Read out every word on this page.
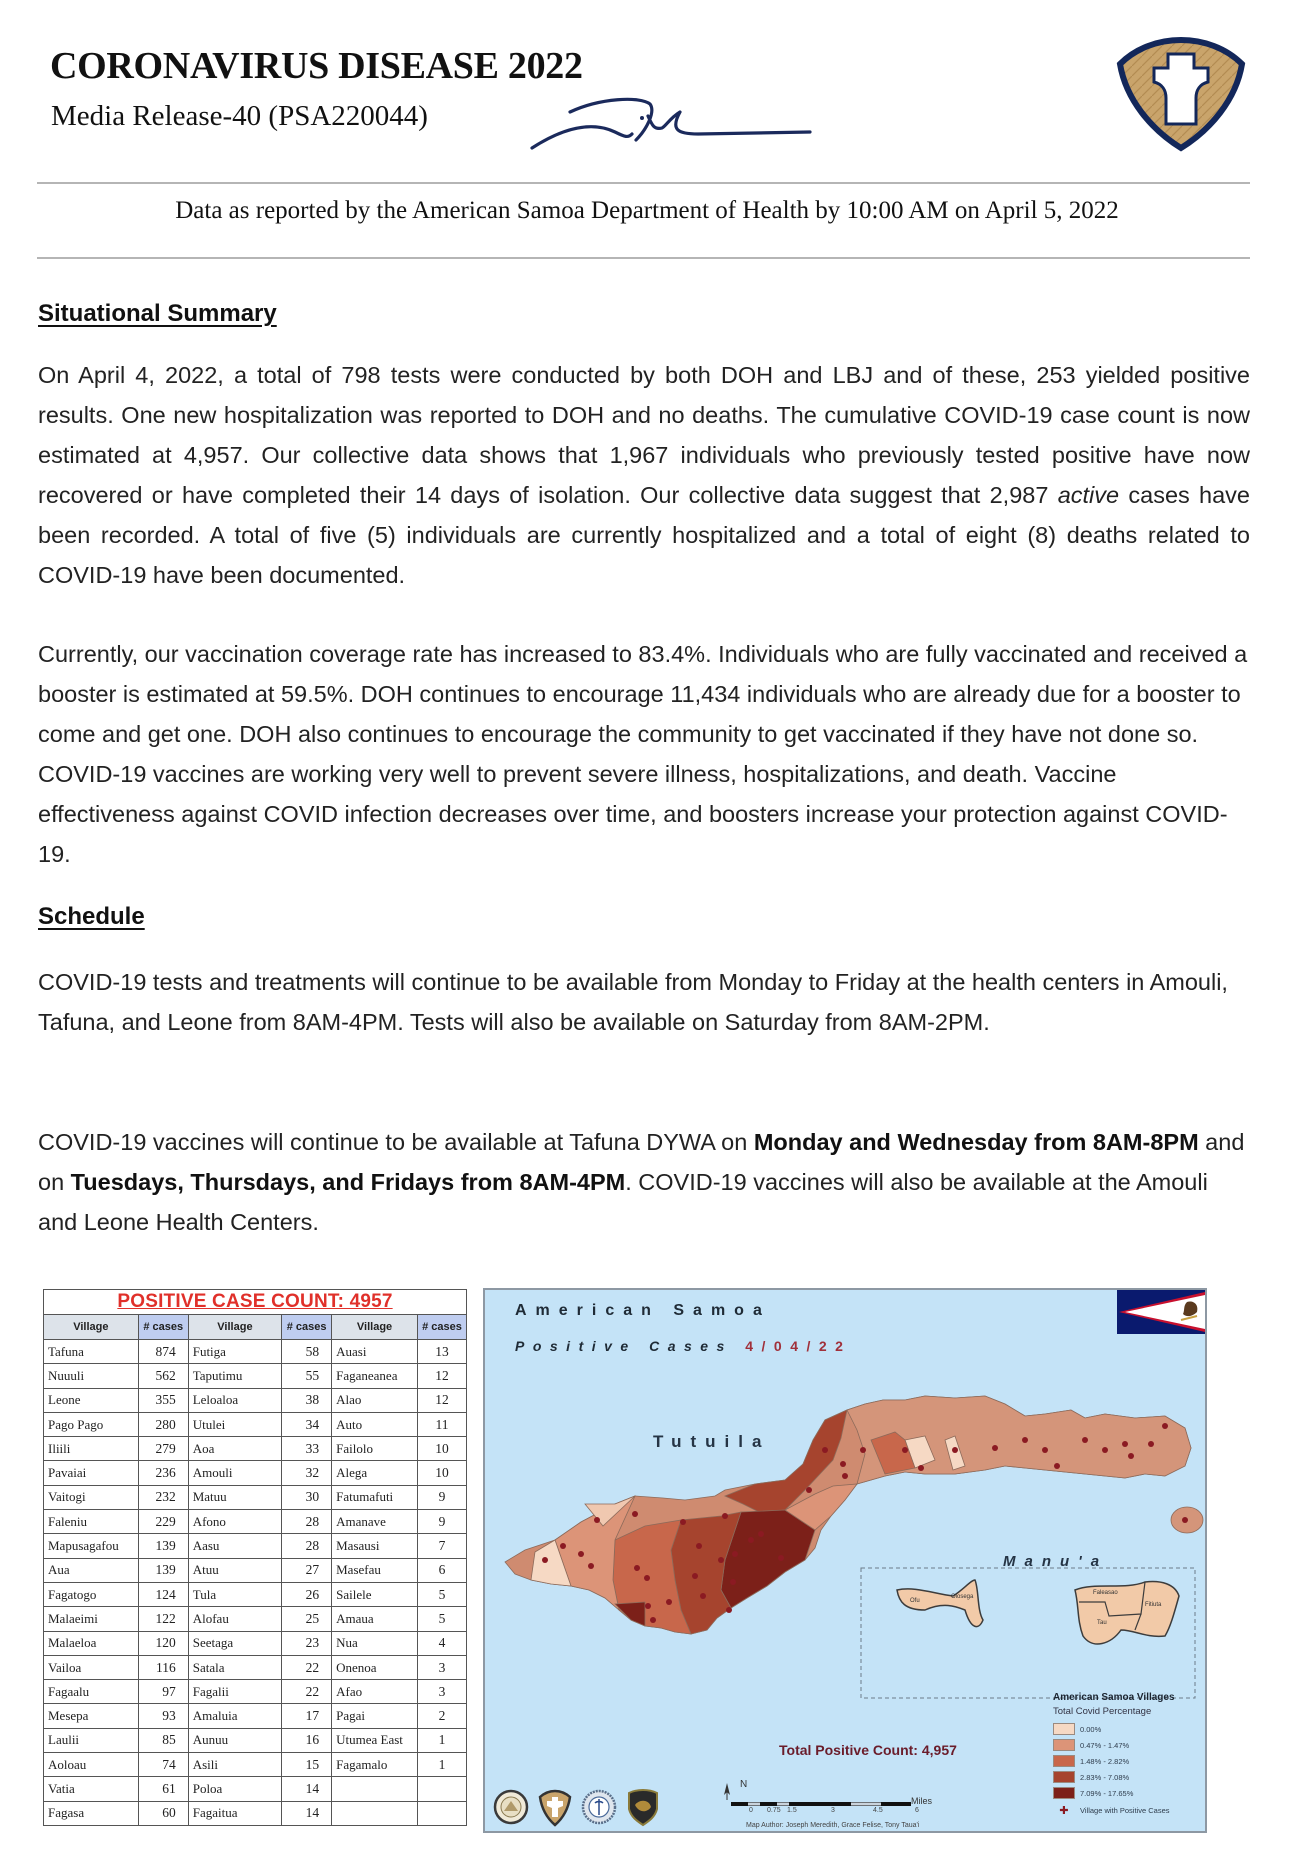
CORONAVIRUS DISEASE 2022
Media Release-40 (PSA220044)
Data as reported by the American Samoa Department of Health by 10:00 AM on April 5, 2022
Situational Summary
On April 4, 2022, a total of 798 tests were conducted by both DOH and LBJ and of these, 253 yielded positive results. One new hospitalization was reported to DOH and no deaths. The cumulative COVID-19 case count is now estimated at 4,957. Our collective data shows that 1,967 individuals who previously tested positive have now recovered or have completed their 14 days of isolation. Our collective data suggest that 2,987 active cases have been recorded. A total of five (5) individuals are currently hospitalized and a total of eight (8) deaths related to COVID-19 have been documented.
Currently, our vaccination coverage rate has increased to 83.4%. Individuals who are fully vaccinated and received a booster is estimated at 59.5%. DOH continues to encourage 11,434 individuals who are already due for a booster to come and get one. DOH also continues to encourage the community to get vaccinated if they have not done so. COVID-19 vaccines are working very well to prevent severe illness, hospitalizations, and death. Vaccine effectiveness against COVID infection decreases over time, and boosters increase your protection against COVID-19.
Schedule
COVID-19 tests and treatments will continue to be available from Monday to Friday at the health centers in Amouli, Tafuna, and Leone from 8AM-4PM. Tests will also be available on Saturday from 8AM-2PM.
COVID-19 vaccines will continue to be available at Tafuna DYWA on Monday and Wednesday from 8AM-8PM and on Tuesdays, Thursdays, and Fridays from 8AM-4PM. COVID-19 vaccines will also be available at the Amouli and Leone Health Centers.
POSITIVE CASE COUNT: 4957					
Village	# cases	Village	# cases	Village	# cases
Tafuna	874	Futiga	58	Auasi	13
Nuuuli	562	Taputimu	55	Faganeanea	12
Leone	355	Leloaloa	38	Alao	12
Pago Pago	280	Utulei	34	Auto	11
Iliili	279	Aoa	33	Failolo	10
Pavaiai	236	Amouli	32	Alega	10
Vaitogi	232	Matuu	30	Fatumafuti	9
Faleniu	229	Afono	28	Amanave	9
Mapusagafou	139	Aasu	28	Masausi	7
Aua	139	Atuu	27	Masefau	6
Fagatogo	124	Tula	26	Sailele	5
Malaeimi	122	Alofau	25	Amaua	5
Malaeloa	120	Seetaga	23	Nua	4
Vailoa	116	Satala	22	Onenoa	3
Fagaalu	97	Fagalii	22	Afao	3
Mesepa	93	Amaluia	17	Pagai	2
Laulii	85	Aunuu	16	Utumea East	1
Aoloau	74	Asili	15	Fagamalo	1
Vatia	61	Poloa	14		
Fagasa	60	Fagaitua	14		
Ofu
Olosega
Faleasao
Fitiuta
Tau
American Samoa
Positive Cases 4/04/22
Tutuila
Manu'a
Total Positive Count: 4,957
American Samoa Villages
Total Covid Percentage
0.00%
0.47% - 1.47%
1.48% - 2.82%
2.83% - 7.08%
7.09% - 17.65%
✚	Village with Positive Cases
N
0 0.75 1.5	3	4.5	6
Miles
Map Author: Joseph Meredith, Grace Felise, Tony Taua'i
